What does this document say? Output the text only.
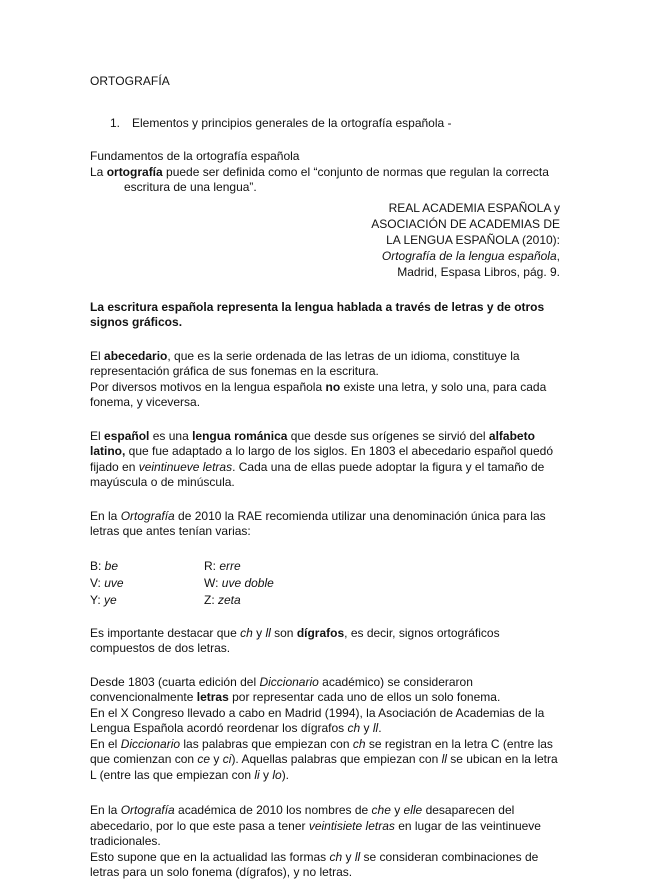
ORTOGRAFÍA

1. Elementos y principios generales de la ortografía española -

Fundamentos de la ortografía española

La ortografía puede ser definida como el “conjunto de normas que regulan la correcta

escritura de una lengua”.

REAL ACADEMIA ESPAÑOLA y
ASOCIACIÓN DE ACADEMIAS DE
LA LENGUA ESPAÑOLA (2010):
Ortografía de la lengua española,
Madrid, Espasa Libros, pág. 9.

La escritura española representa la lengua hablada a través de letras y de otros signos gráficos.

El abecedario, que es la serie ordenada de las letras de un idioma, constituye la representación gráfica de sus fonemas en la escritura.

Por diversos motivos en la lengua española no existe una letra, y solo una, para cada fonema, y viceversa.

El español es una lengua románica que desde sus orígenes se sirvió del alfabeto latino, que fue adaptado a lo largo de los siglos. En 1803 el abecedario español quedó fijado en veintinueve letras. Cada una de ellas puede adoptar la figura y el tamaño de mayúscula o de minúscula.

En la Ortografía de 2010 la RAE recomienda utilizar una denominación única para las letras que antes tenían varias:

B: be	R: erre
V: uve	W: uve doble
Y: ye	Z: zeta

Es importante destacar que ch y ll son dígrafos, es decir, signos ortográficos compuestos de dos letras.

Desde 1803 (cuarta edición del Diccionario académico) se consideraron convencionalmente letras por representar cada uno de ellos un solo fonema.

En el X Congreso llevado a cabo en Madrid (1994), la Asociación de Academias de la Lengua Española acordó reordenar los dígrafos ch y ll.

En el Diccionario las palabras que empiezan con ch se registran en la letra C (entre las que comienzan con ce y ci). Aquellas palabras que empiezan con ll se ubican en la letra L (entre las que empiezan con li y lo).

En la Ortografía académica de 2010 los nombres de che y elle desaparecen del abecedario, por lo que este pasa a tener veintisiete letras en lugar de las veintinueve tradicionales.

Esto supone que en la actualidad las formas ch y ll se consideran combinaciones de letras para un solo fonema (dígrafos), y no letras.
